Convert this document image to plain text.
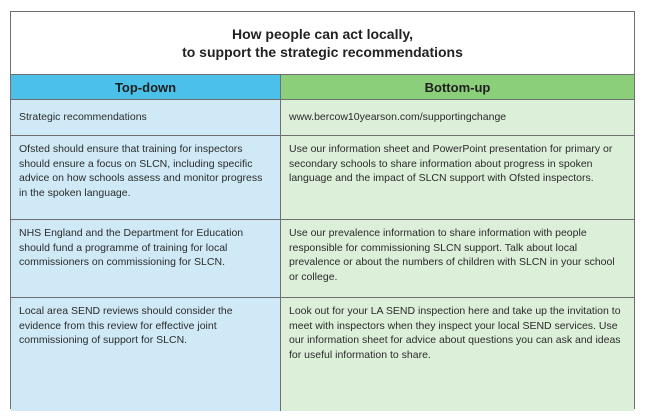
How people can act locally,
to support the strategic recommendations
Top-down	Bottom-up
Strategic recommendations	www.bercow10yearson.com/supportingchange
Ofsted should ensure that training for inspectors should ensure a focus on SLCN, including specific advice on how schools assess and monitor progress in the spoken language.
Use our information sheet and PowerPoint presentation for primary or secondary schools to share information about progress in spoken language and the impact of SLCN support with Ofsted inspectors.
NHS England and the Department for Education should fund a programme of training for local commissioners on commissioning for SLCN.
Use our prevalence information to share information with people responsible for commissioning SLCN support. Talk about local prevalence or about the numbers of children with SLCN in your school or college.
Local area SEND reviews should consider the evidence from this review for effective joint commissioning of support for SLCN.
Look out for your LA SEND inspection here and take up the invitation to meet with inspectors when they inspect your local SEND services. Use our information sheet for advice about questions you can ask and ideas for useful information to share.
